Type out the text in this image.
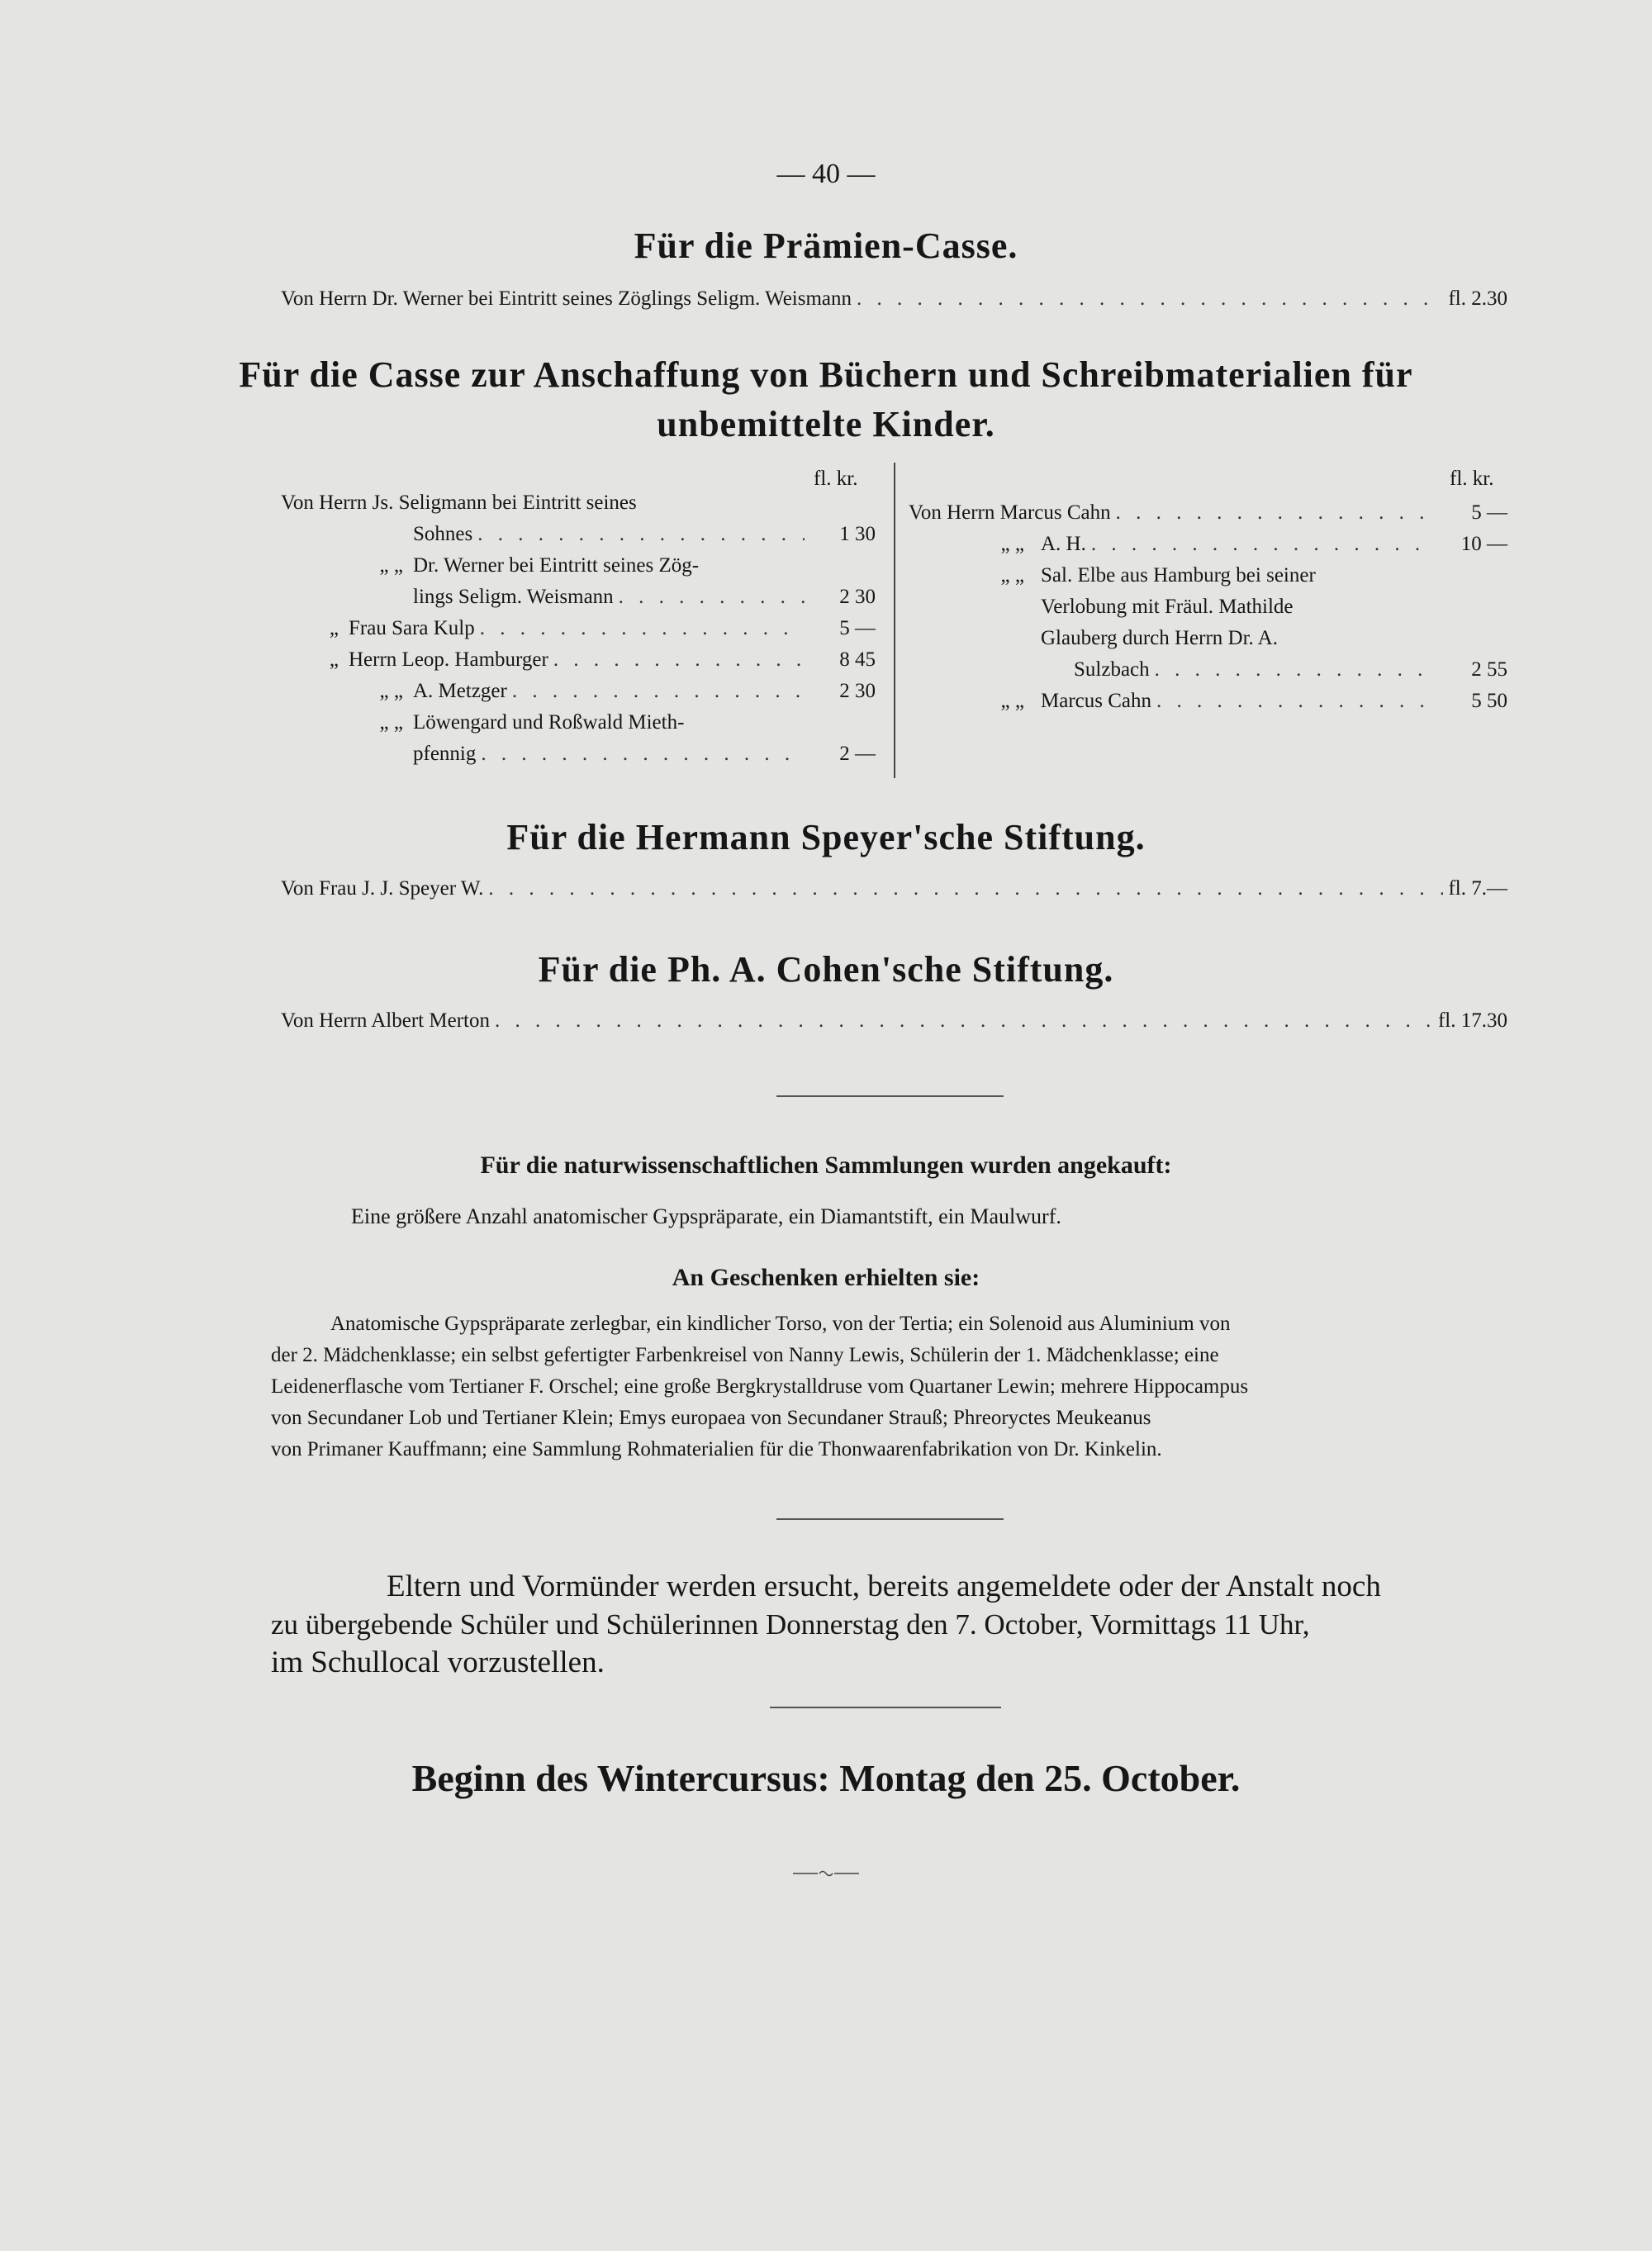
— 40 —
Für die Prämien-Casse.
Von Herrn Dr. Werner bei Eintritt seines Zöglings Seligm. Weismann . . .	fl. 2.30
Für die Casse zur Anschaffung von Büchern und Schreibmaterialien für
unbemittelte Kinder.
fl. kr.	fl. kr.
Von Herrn Js. Seligmann bei Eintritt seines
Sohnes . . .	1 30
„ „ Dr. Werner bei Eintritt seines Zög-
lings Seligm. Weismann . . .	2 30
„ Frau Sara Kulp . . .	5 —
„ Herrn Leop. Hamburger . . .	8 45
„ „ A. Metzger . . .	2 30
„ „ Löwengard und Roßwald Mieth-
pfennig . . .	2 —
Von Herrn Marcus Cahn . . .	5 —
„ „ A. H. . . .	10 —
„ „ Sal. Elbe aus Hamburg bei seiner
Verlobung mit Fräul. Mathilde
Glauberg durch Herrn Dr. A.
Sulzbach . . .	2 55
„ „ Marcus Cahn . . .	5 50
Für die Hermann Speyer'sche Stiftung.
Von Frau J. J. Speyer W. . . .	fl. 7.—
Für die Ph. A. Cohen'sche Stiftung.
Von Herrn Albert Merton . . .	fl. 17.30
Für die naturwissenschaftlichen Sammlungen wurden angekauft:
Eine größere Anzahl anatomischer Gypspräparate, ein Diamantstift, ein Maulwurf.
An Geschenken erhielten sie:
Anatomische Gypspräparate zerlegbar, ein kindlicher Torso, von der Tertia; ein Solenoid aus Aluminium von
der 2. Mädchenklasse; ein selbst gefertigter Farbenkreisel von Nanny Lewis, Schülerin der 1. Mädchenklasse; eine
Leidenerflasche vom Tertianer F. Orschel; eine große Bergkrystalldruse vom Quartaner Lewin; mehrere Hippocampus
von Secundaner Lob und Tertianer Klein; Emys europaea von Secundaner Strauß; Phreoryctes Meukeanus
von Primaner Kauffmann; eine Sammlung Rohmaterialien für die Thonwaarenfabrikation von Dr. Kinkelin.
Eltern und Vormünder werden ersucht, bereits angemeldete oder der Anstalt noch
zu übergebende Schüler und Schülerinnen Donnerstag den 7. October, Vormittags 11 Uhr,
im Schullocal vorzustellen.
Beginn des Wintercursus: Montag den 25. October.
